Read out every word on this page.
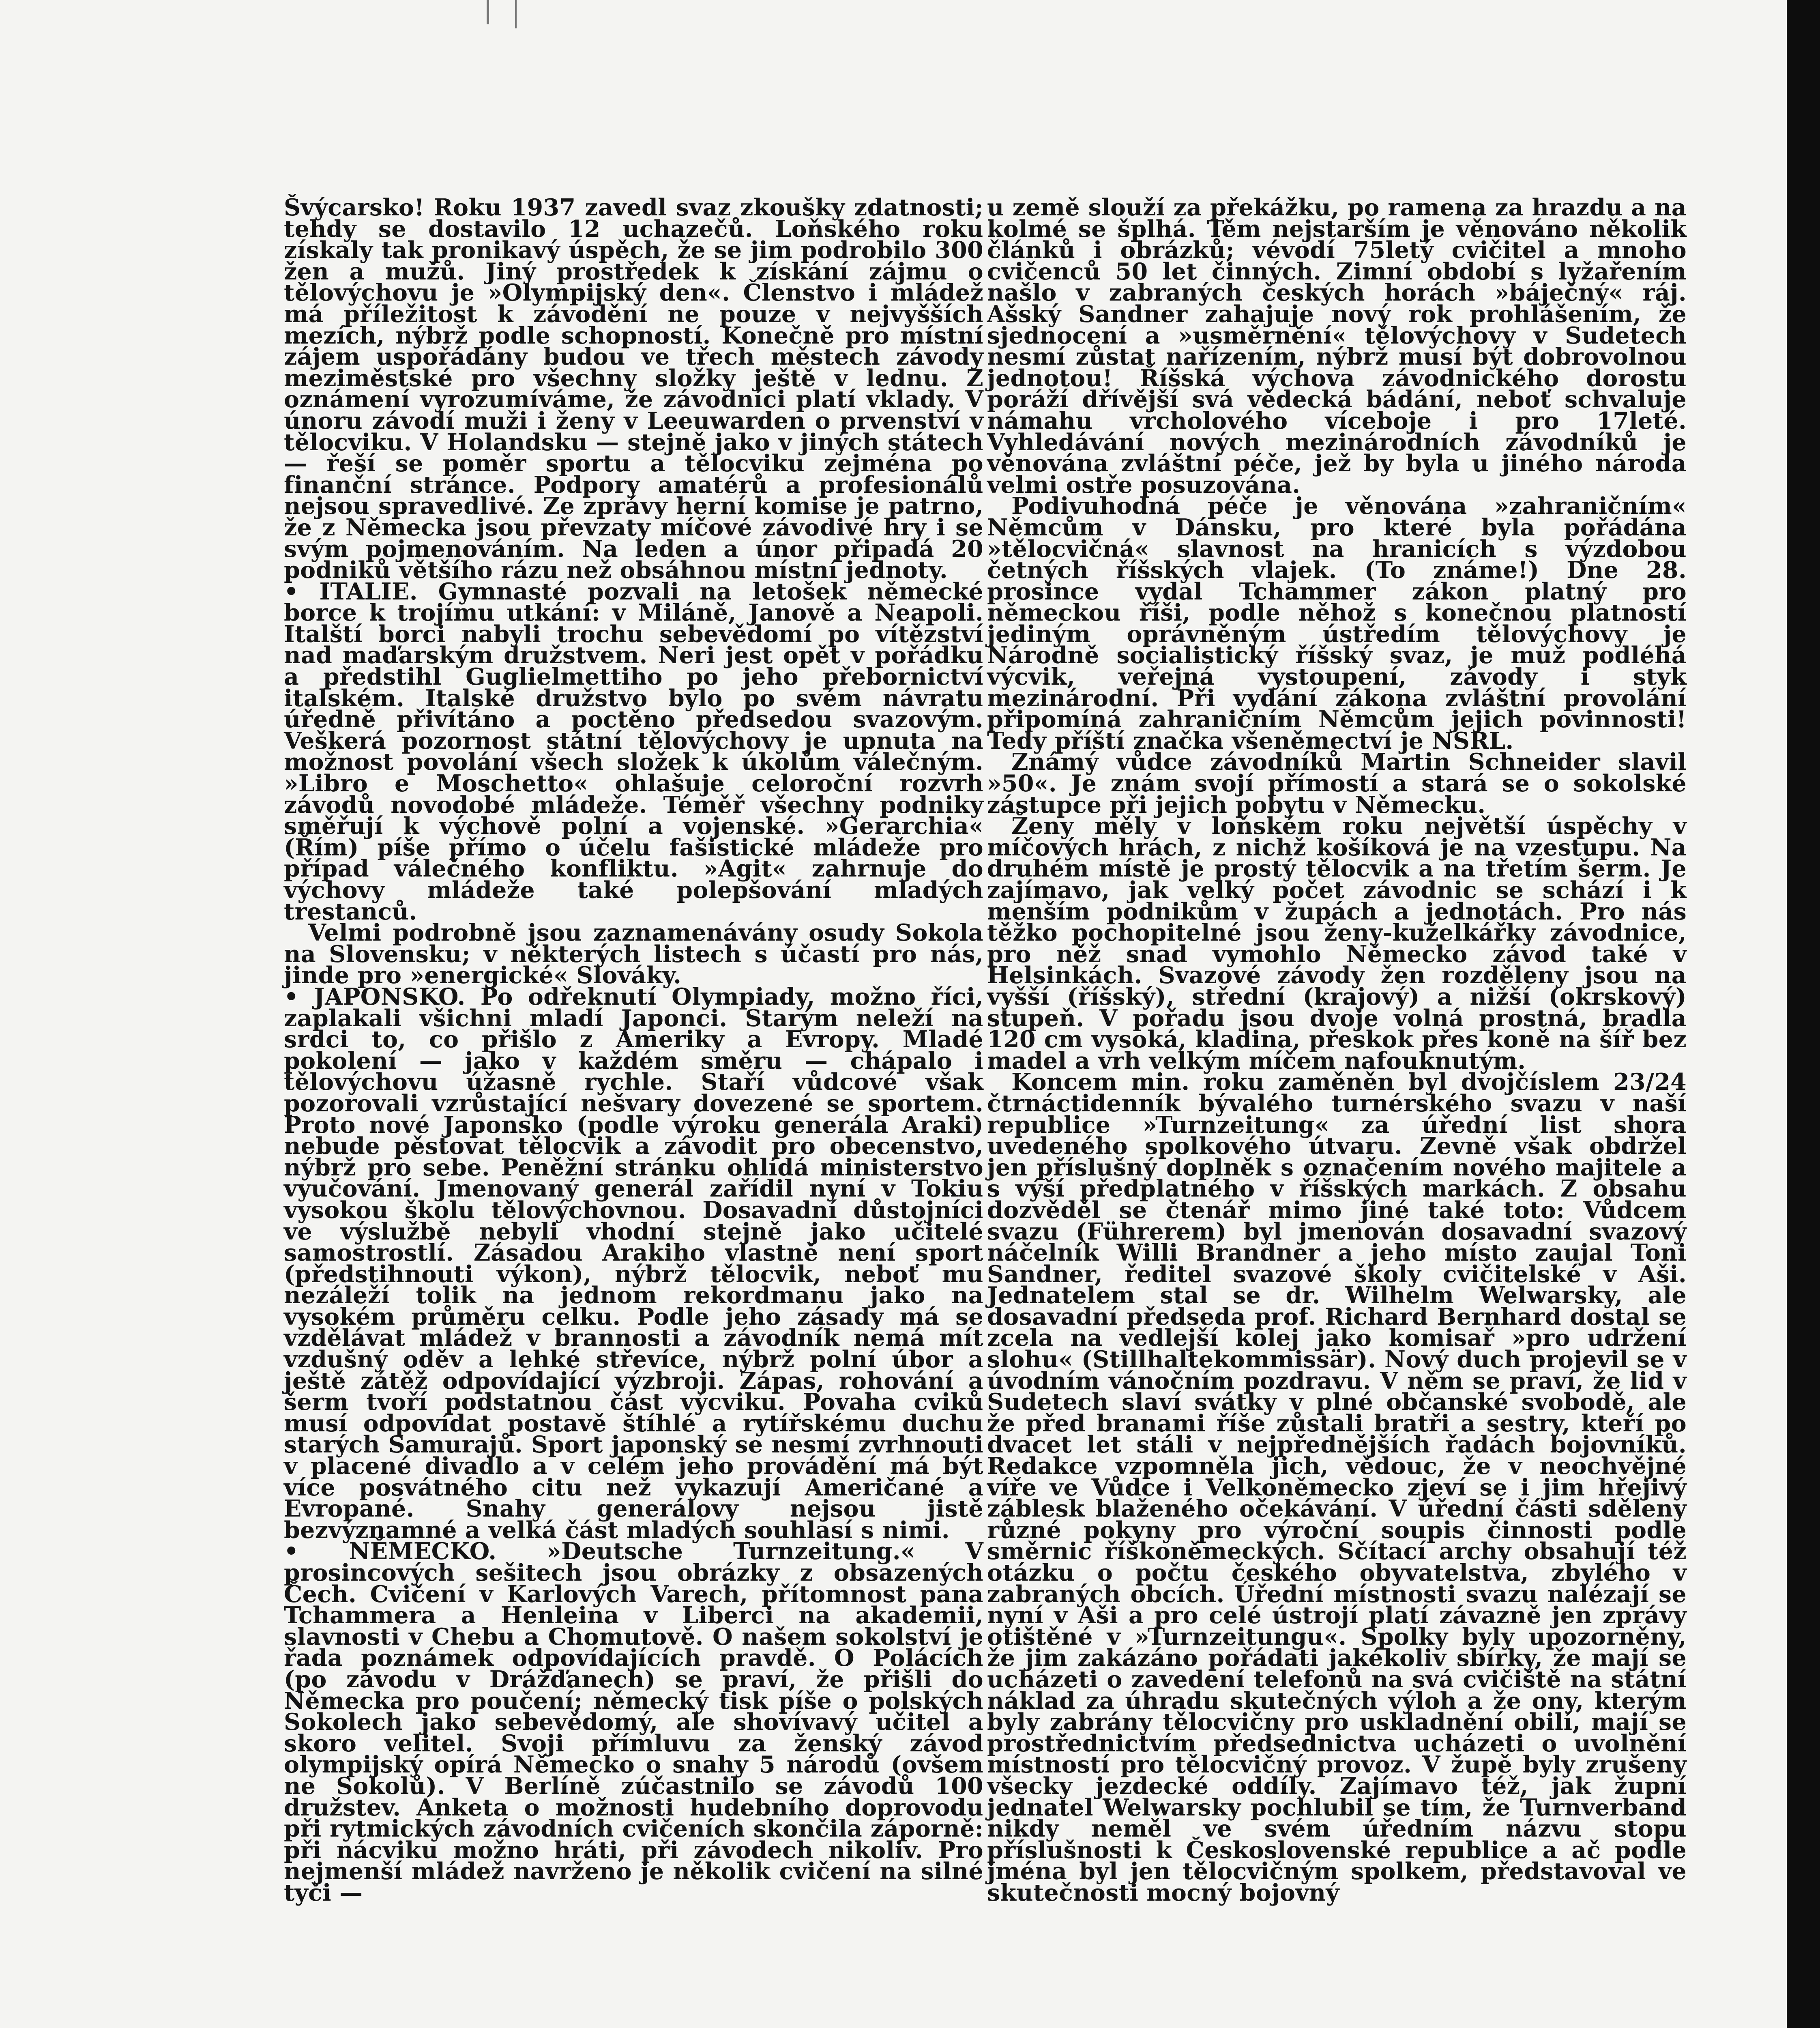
Švýcarsko! Roku 1937 zavedl svaz zkoušky zdatnosti; tehdy se dostavilo 12 uchazečů. Loňského roku získaly tak pronikavý úspěch, že se jim podrobilo 300 žen a mužů. Jiný prostředek k získání zájmu o tělovýchovu je »Olympijský den«. Členstvo i mládež má příležitost k závodění ne pouze v nejvyšších mezích, nýbrž podle schopností. Konečně pro místní zájem uspořádány budou ve třech městech závody meziměstské pro všechny složky ještě v lednu. Z oznámení vyrozumíváme, že závodníci platí vklady. V únoru závodí muži i ženy v Leeuwarden o prvenství v tělocviku. V Holandsku — stejně jako v jiných státech — řeší se poměr sportu a tělocviku zejména po finanční stránce. Podpory amatérů a profesionálů nejsou spravedlivé. Ze zprávy herní komise je patrno, že z Německa jsou převzaty míčové závodivé hry i se svým pojmenováním. Na leden a únor připadá 20 podniků většího rázu než obsáhnou místní jednoty.

• ITALIE. Gymnasté pozvali na letošek německé borce k trojímu utkání: v Miláně, Janově a Neapoli. Italští borci nabyli trochu sebevědomí po vítězství nad maďarským družstvem. Neri jest opět v pořádku a předstihl Guglielmettiho po jeho přebornictví italském. Italské družstvo bylo po svém návratu úředně přivítáno a poctěno předsedou svazovým. Veškerá pozornost státní tělovýchovy je upnuta na možnost povolání všech složek k úkolům válečným. »Libro e Moschetto« ohlašuje celoroční rozvrh závodů novodobé mládeže. Téměř všechny podniky směřují k výchově polní a vojenské. »Gerarchia« (Řím) píše přímo o účelu fašistické mládeže pro případ válečného konfliktu. »Agit« zahrnuje do výchovy mládeže také polepšování mladých trestanců.

Velmi podrobně jsou zaznamenávány osudy Sokola na Slovensku; v některých listech s účastí pro nás, jinde pro »energické« Slováky.

• JAPONSKO. Po odřeknutí Olympiady, možno říci, zaplakali všichni mladí Japonci. Starým neleží na srdci to, co přišlo z Ameriky a Evropy. Mladé pokolení — jako v každém směru — chápalo i tělovýchovu úžasně rychle. Staří vůdcové však pozorovali vzrůstající nešvary dovezené se sportem. Proto nové Japonsko (podle výroku generála Araki) nebude pěstovat tělocvik a závodit pro obecenstvo, nýbrž pro sebe. Peněžní stránku ohlídá ministerstvo vyučování. Jmenovaný generál zařídil nyní v Tokiu vysokou školu tělovýchovnou. Dosavadní důstojníci ve výslužbě nebyli vhodní stejně jako učitelé samostrostlí. Zásadou Arakiho vlastně není sport (předstihnouti výkon), nýbrž tělocvik, neboť mu nezáleží tolik na jednom rekordmanu jako na vysokém průměru celku. Podle jeho zásady má se vzdělávat mládež v brannosti a závodník nemá mít vzdušný oděv a lehké střevíce, nýbrž polní úbor a ještě zátěž odpovídající výzbroji. Zápas, rohování a šerm tvoří podstatnou část výcviku. Povaha cviků musí odpovídat postavě štíhlé a rytířskému duchu starých Samurajů. Sport japonský se nesmí zvrhnouti v placené divadlo a v celém jeho provádění má být více posvátného citu než vykazují Američané a Evropané. Snahy generálovy nejsou jistě bezvýznamné a velká část mladých souhlasí s nimi.

• NĚMECKO. »Deutsche Turnzeitung.« V prosincových sešitech jsou obrázky z obsazených Čech. Cvičení v Karlových Varech, přítomnost pana Tchammera a Henleina v Liberci na akademii, slavnosti v Chebu a Chomutově. O našem sokolství je řada poznámek odpovídajících pravdě. O Polácích (po závodu v Drážďanech) se praví, že přišli do Německa pro poučení; německý tisk píše o polských Sokolech jako sebevědomý, ale shovívavý učitel a skoro velitel. Svoji přímluvu za ženský závod olympijský opírá Německo o snahy 5 národů (ovšem ne Sokolů). V Berlíně zúčastnilo se závodů 100 družstev. Anketa o možnosti hudebního doprovodu při rytmických závodních cvičeních skončila záporně: při nácviku možno hráti, při závodech nikoliv. Pro nejmenší mládež navrženo je několik cvičení na silné tyči —

u země slouží za překážku, po ramena za hrazdu a na kolmé se šplhá. Těm nejstarším je věnováno několik článků i obrázků; vévodí 75letý cvičitel a mnoho cvičenců 50 let činných. Zimní období s lyžařením našlo v zabraných českých horách »báječný« ráj. Ašský Sandner zahajuje nový rok prohlášením, že sjednocení a »usměrnění« tělovýchovy v Sudetech nesmí zůstat nařízením, nýbrž musí být dobrovolnou jednotou! Říšská výchova závodnického dorostu poráží dřívější svá vědecká bádání, neboť schvaluje námahu vrcholového víceboje i pro 17leté. Vyhledávání nových mezinárodních závodníků je věnována zvláštní péče, jež by byla u jiného národa velmi ostře posuzována.

Podivuhodná péče je věnována »zahraničním« Němcům v Dánsku, pro které byla pořádána »tělocvičná« slavnost na hranicích s výzdobou četných říšských vlajek. (To známe!) Dne 28. prosince vydal Tchammer zákon platný pro německou říši, podle něhož s konečnou platností jediným oprávněným ústředím tělovýchovy je Národně socialistický říšský svaz, je muž podléhá výcvik, veřejná vystoupení, závody i styk mezinárodní. Při vydání zákona zvláštní provolání připomíná zahraničním Němcům jejich povinnosti! Tedy příští značka všeněmectví je NSRL.

Známý vůdce závodníků Martin Schneider slavil »50«. Je znám svojí přímostí a stará se o sokolské zástupce při jejich pobytu v Německu.

Ženy měly v loňském roku největší úspěchy v míčových hrách, z nichž košíková je na vzestupu. Na druhém místě je prostý tělocvik a na třetím šerm. Je zajímavo, jak velký počet závodnic se schází i k menším podnikům v župách a jednotách. Pro nás těžko pochopitelné jsou ženy-kuželkářky závodnice, pro něž snad vymohlo Německo závod také v Helsinkách. Svazové závody žen rozděleny jsou na vyšší (říšský), střední (krajový) a nižší (okrskový) stupeň. V pořadu jsou dvoje volná prostná, bradla 120 cm vysoká, kladina, přeskok přes koně na šíř bez madel a vrh velkým míčem nafouknutým.

Koncem min. roku zaměněn byl dvojčíslem 23/24 čtrnáctidenník bývalého turnérského svazu v naší republice »Turnzeitung« za úřední list shora uvedeného spolkového útvaru. Zevně však obdržel jen příslušný doplněk s označením nového majitele a s výší předplatného v říšských markách. Z obsahu dozvěděl se čtenář mimo jiné také toto: Vůdcem svazu (Führerem) byl jmenován dosavadní svazový náčelník Willi Brandner a jeho místo zaujal Toni Sandner, ředitel svazové školy cvičitelské v Aši. Jednatelem stal se dr. Wilhelm Welwarsky, ale dosavadní předseda prof. Richard Bernhard dostal se zcela na vedlejší kolej jako komisař »pro udržení slohu« (Stillhaltekommissär). Nový duch projevil se v úvodním vánočním pozdravu. V něm se praví, že lid v Sudetech slaví svátky v plné občanské svobodě, ale že před branami říše zůstali bratři a sestry, kteří po dvacet let stáli v nejpřednějších řadách bojovníků. Redakce vzpomněla jich, vědouc, že v neochvějné víře ve Vůdce i Velkoněmecko zjeví se i jim hřejivý záblesk blaženého očekávání. V úřední části sděleny různé pokyny pro výroční soupis činnosti podle směrnic říškoněmeckých. Sčítací archy obsahují též otázku o počtu českého obyvatelstva, zbylého v zabraných obcích. Úřední místnosti svazu nalézají se nyní v Aši a pro celé ústrojí platí závazně jen zprávy otištěné v »Turnzeitungu«. Spolky byly upozorněny, že jim zakázáno pořádati jakékoliv sbírky, že mají se ucházeti o zavedení telefonů na svá cvičiště na státní náklad za úhradu skutečných výloh a že ony, kterým byly zabrány tělocvičny pro uskladnění obilí, mají se prostřednictvím předsednictva ucházeti o uvolnění místností pro tělocvičný provoz. V župě byly zrušeny všecky jezdecké oddíly. Zajímavo též, jak župní jednatel Welwarsky pochlubil se tím, že Turnverband nikdy neměl ve svém úředním názvu stopu příslušnosti k Československé republice a ač podle jména byl jen tělocvičným spolkem, představoval ve skutečnosti mocný bojovný
